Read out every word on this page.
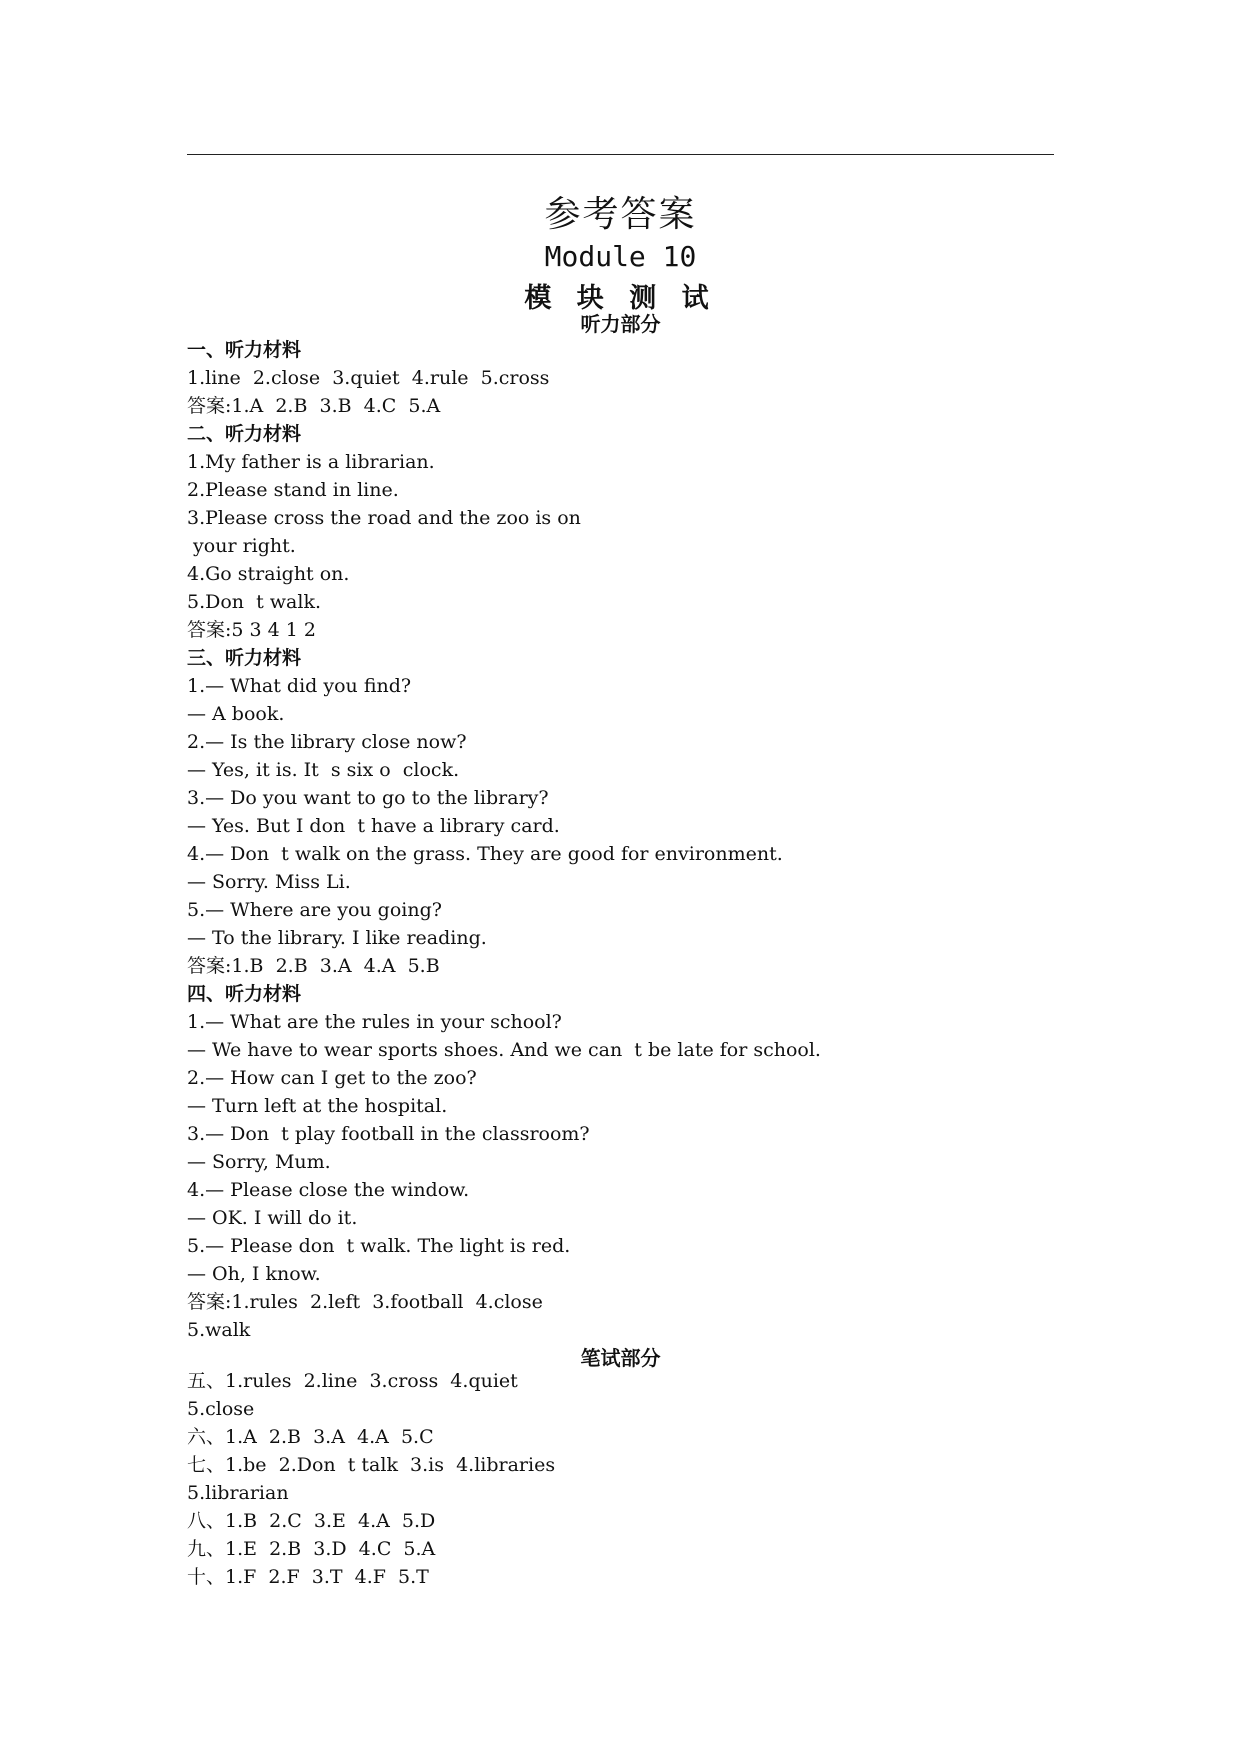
参考答案
Module 10
模 块 测 试
听力部分
一、听力材料
1.line  2.close  3.quiet  4.rule  5.cross
答案:1.A  2.B  3.B  4.C  5.A
二、听力材料
1.My father is a librarian.
2.Please stand in line.
3.Please cross the road and the zoo is on
your right.
4.Go straight on.
5.Don  t walk.
答案:5 3 4 1 2
三、听力材料
1.— What did you find?
— A book.
2.— Is the library close now?
— Yes, it is. It  s six o  clock.
3.— Do you want to go to the library?
— Yes. But I don  t have a library card.
4.— Don  t walk on the grass. They are good for environment.
— Sorry. Miss Li.
5.— Where are you going?
— To the library. I like reading.
答案:1.B  2.B  3.A  4.A  5.B
四、听力材料
1.— What are the rules in your school?
— We have to wear sports shoes. And we can  t be late for school.
2.— How can I get to the zoo?
— Turn left at the hospital.
3.— Don  t play football in the classroom?
— Sorry, Mum.
4.— Please close the window.
— OK. I will do it.
5.— Please don  t walk. The light is red.
— Oh, I know.
答案:1.rules  2.left  3.football  4.close
5.walk
笔试部分
五、1.rules  2.line  3.cross  4.quiet
5.close
六、1.A  2.B  3.A  4.A  5.C
七、1.be  2.Don  t talk  3.is  4.libraries
5.librarian
八、1.B  2.C  3.E  4.A  5.D
九、1.E  2.B  3.D  4.C  5.A
十、1.F  2.F  3.T  4.F  5.T
